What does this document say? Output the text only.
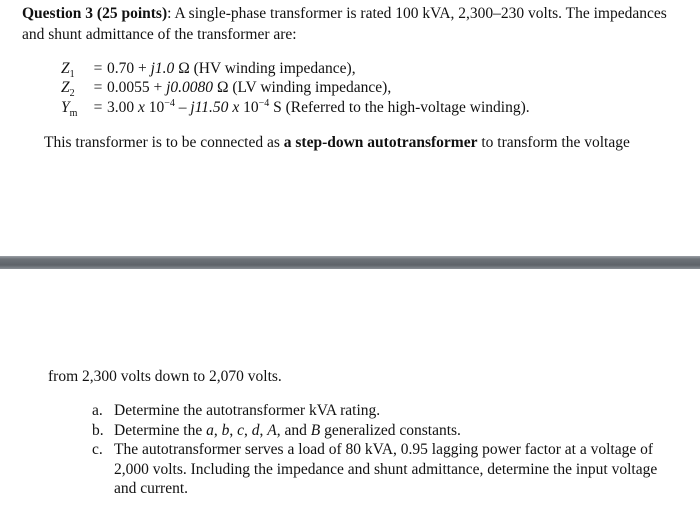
Question 3 (25 points): A single-phase transformer is rated 100 kVA, 2,300–230 volts. The impedances and shunt admittance of the transformer are:
$Z_1 = 0.70 + j1.0$ Ω (HV winding impedance),
$Z_2 = 0.0055 + j0.0080$ Ω (LV winding impedance),
$Y_m = 3.00$ x $10^{-4} - j11.50$ x $10^{-4}$ S (Referred to the high-voltage winding).
This transformer is to be connected as a step-down autotransformer to transform the voltage
from 2,300 volts down to 2,070 volts.
a. Determine the autotransformer kVA rating.
b. Determine the a, b, c, d, A, and B generalized constants.
c. The autotransformer serves a load of 80 kVA, 0.95 lagging power factor at a voltage of 2,000 volts. Including the impedance and shunt admittance, determine the input voltage and current.
